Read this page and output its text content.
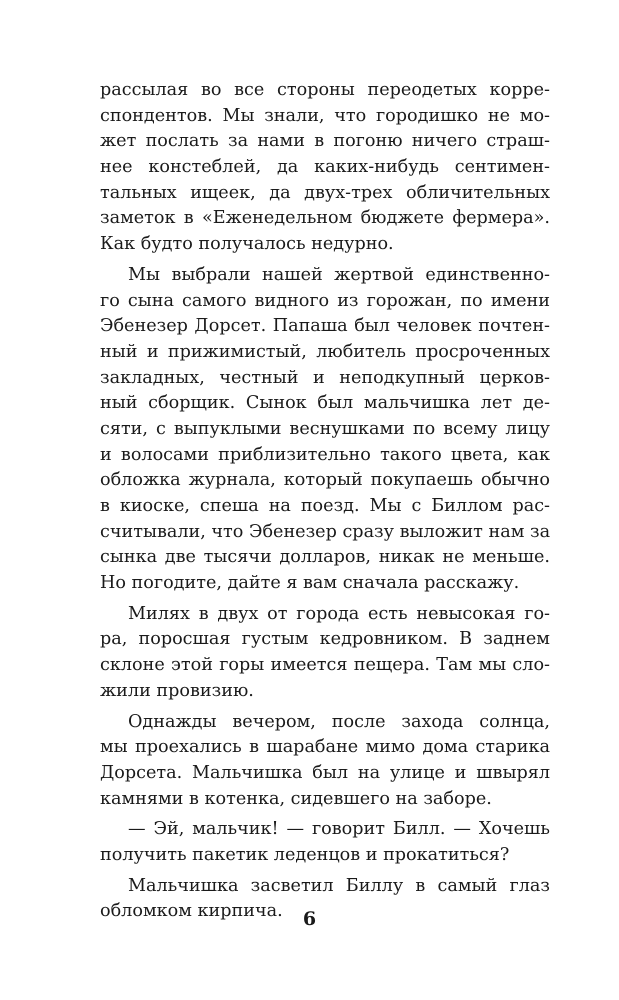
рассылая во все стороны переодетых корре-
спондентов. Мы знали, что городишко не мо-
жет послать за нами в погоню ничего страш-
нее констеблей, да каких-нибудь сентимен-
тальных ищеек, да двух-трех обличительных
заметок в «Еженедельном бюджете фермера».
Как будто получалось недурно.
Мы выбрали нашей жертвой единственно-
го сына самого видного из горожан, по имени
Эбенезер Дорсет. Папаша был человек почтен-
ный и прижимистый, любитель просроченных
закладных, честный и неподкупный церков-
ный сборщик. Сынок был мальчишка лет де-
сяти, с выпуклыми веснушками по всему лицу
и волосами приблизительно такого цвета, как
обложка журнала, который покупаешь обычно
в киоске, спеша на поезд. Мы с Биллом рас-
считывали, что Эбенезер сразу выложит нам за
сынка две тысячи долларов, никак не меньше.
Но погодите, дайте я вам сначала расскажу.
Милях в двух от города есть невысокая го-
ра, поросшая густым кедровником. В заднем
склоне этой горы имеется пещера. Там мы сло-
жили провизию.
Однажды вечером, после захода солнца,
мы проехались в шарабане мимо дома старика
Дорсета. Мальчишка был на улице и швырял
камнями в котенка, сидевшего на заборе.
— Эй, мальчик! — говорит Билл. — Хочешь
получить пакетик леденцов и прокатиться?
Мальчишка засветил Биллу в самый глаз
обломком кирпича.	6
